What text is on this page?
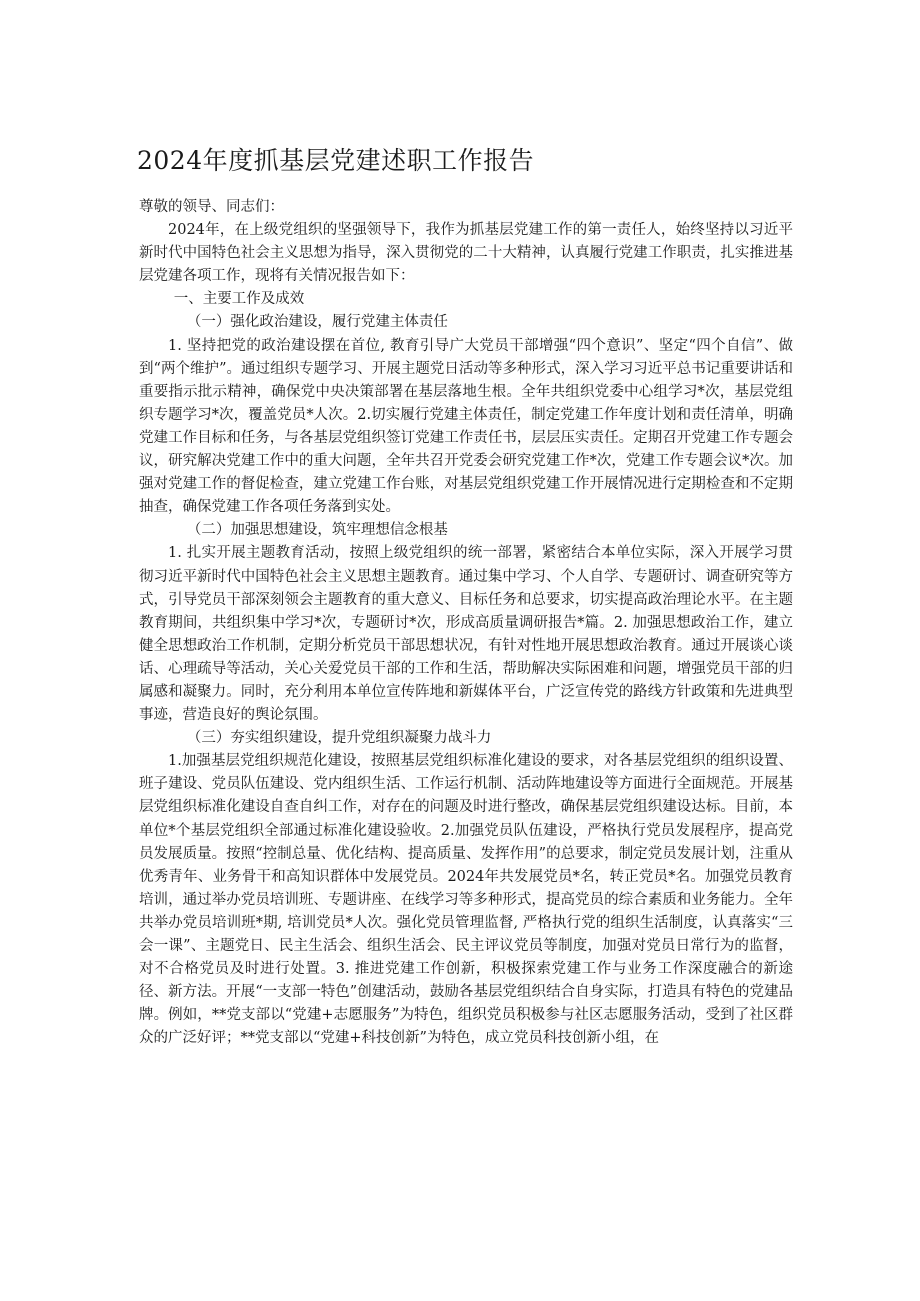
2024年度抓基层党建述职工作报告

尊敬的领导、同志们：

2024年，在上级党组织的坚强领导下，我作为抓基层党建工作的第一责任人，始终坚持以习近平新时代中国特色社会主义思想为指导，深入贯彻党的二十大精神，认真履行党建工作职责，扎实推进基层党建各项工作，现将有关情况报告如下：

一、主要工作及成效

（一）强化政治建设，履行党建主体责任

1. 坚持把党的政治建设摆在首位, 教育引导广大党员干部增强“四个意识”、坚定“四个自信”、做到“两个维护”。通过组织专题学习、开展主题党日活动等多种形式，深入学习习近平总书记重要讲话和重要指示批示精神，确保党中央决策部署在基层落地生根。全年共组织党委中心组学习*次，基层党组织专题学习*次，覆盖党员*人次。2.切实履行党建主体责任，制定党建工作年度计划和责任清单，明确党建工作目标和任务，与各基层党组织签订党建工作责任书，层层压实责任。定期召开党建工作专题会议，研究解决党建工作中的重大问题，全年共召开党委会研究党建工作*次，党建工作专题会议*次。加强对党建工作的督促检查，建立党建工作台账，对基层党组织党建工作开展情况进行定期检查和不定期抽查，确保党建工作各项任务落到实处。

（二）加强思想建设，筑牢理想信念根基

1. 扎实开展主题教育活动，按照上级党组织的统一部署，紧密结合本单位实际，深入开展学习贯彻习近平新时代中国特色社会主义思想主题教育。通过集中学习、个人自学、专题研讨、调查研究等方式，引导党员干部深刻领会主题教育的重大意义、目标任务和总要求，切实提高政治理论水平。在主题教育期间，共组织集中学习*次，专题研讨*次，形成高质量调研报告*篇。2. 加强思想政治工作，建立健全思想政治工作机制，定期分析党员干部思想状况，有针对性地开展思想政治教育。通过开展谈心谈话、心理疏导等活动，关心关爱党员干部的工作和生活，帮助解决实际困难和问题，增强党员干部的归属感和凝聚力。同时，充分利用本单位宣传阵地和新媒体平台，广泛宣传党的路线方针政策和先进典型事迹，营造良好的舆论氛围。

（三）夯实组织建设，提升党组织凝聚力战斗力

1.加强基层党组织规范化建设，按照基层党组织标准化建设的要求，对各基层党组织的组织设置、班子建设、党员队伍建设、党内组织生活、工作运行机制、活动阵地建设等方面进行全面规范。开展基层党组织标准化建设自查自纠工作，对存在的问题及时进行整改，确保基层党组织建设达标。目前，本单位*个基层党组织全部通过标准化建设验收。2.加强党员队伍建设，严格执行党员发展程序，提高党员发展质量。按照“控制总量、优化结构、提高质量、发挥作用”的总要求，制定党员发展计划，注重从优秀青年、业务骨干和高知识群体中发展党员。2024年共发展党员*名，转正党员*名。加强党员教育培训，通过举办党员培训班、专题讲座、在线学习等多种形式，提高党员的综合素质和业务能力。全年共举办党员培训班*期, 培训党员*人次。强化党员管理监督, 严格执行党的组织生活制度，认真落实“三会一课”、主题党日、民主生活会、组织生活会、民主评议党员等制度，加强对党员日常行为的监督，对不合格党员及时进行处置。3. 推进党建工作创新，积极探索党建工作与业务工作深度融合的新途径、新方法。开展“一支部一特色”创建活动，鼓励各基层党组织结合自身实际，打造具有特色的党建品牌。例如，**党支部以“党建+志愿服务”为特色，组织党员积极参与社区志愿服务活动，受到了社区群众的广泛好评；**党支部以“党建+科技创新”为特色，成立党员科技创新小组，在
